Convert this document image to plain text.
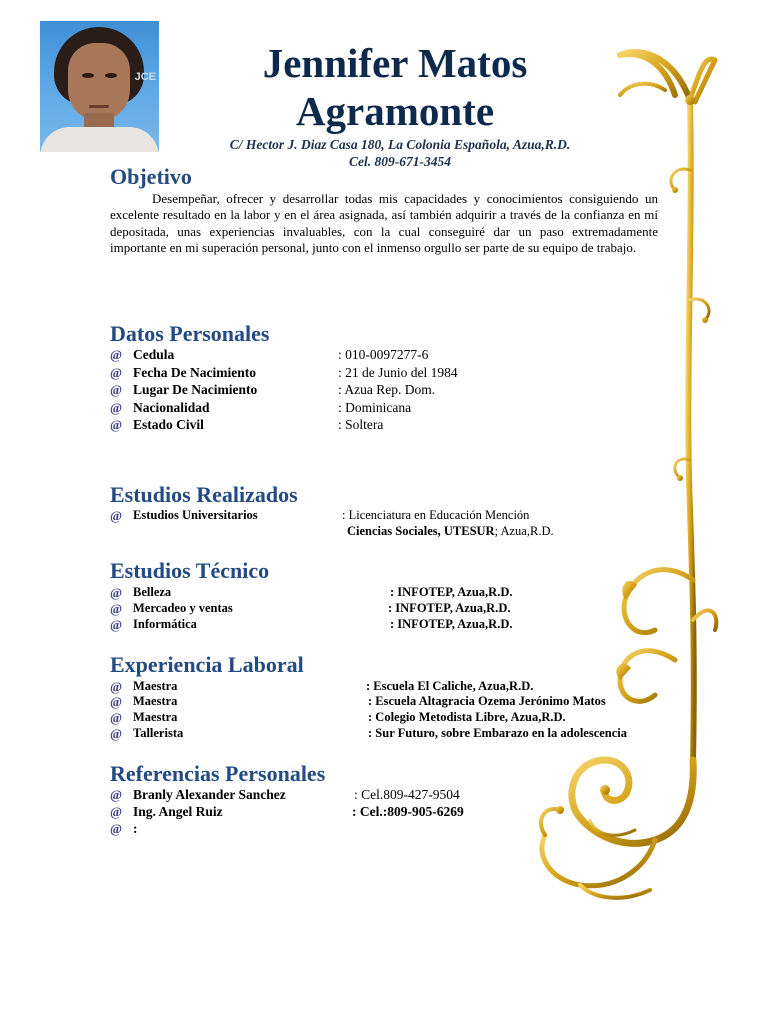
JCE	Jennifer Matos
Agramonte
C/ Hector J. Diaz Casa 180, La Colonia Española, Azua,R.D.
Cel. 809-671-3454
Objetivo

Desempeñar, ofrecer y desarrollar todas mis capacidades y conocimientos consiguiendo un excelente resultado en la labor y en el área asignada, así también adquirir a través de la confianza en mí depositada, unas experiencias invaluables, con la cual conseguiré dar un paso extremadamente importante en mi superación personal, junto con el inmenso orgullo ser parte de su equipo de trabajo.

Datos Personales
@ Cedula	: 010-0097277-6
@ Fecha De Nacimiento	: 21 de Junio del 1984
@ Lugar De Nacimiento	: Azua Rep. Dom.
@ Nacionalidad	: Dominicana
@ Estado Civil	: Soltera
Estudios Realizados
@ Estudios Universitarios	: Licenciatura en Educación Mención
Ciencias Sociales, UTESUR; Azua,R.D.
Estudios Técnico
@ Belleza	: INFOTEP, Azua,R.D.
@ Mercadeo y ventas	: INFOTEP, Azua,R.D.
@ Informática	: INFOTEP, Azua,R.D.
Experiencia Laboral
@ Maestra	: Escuela El Caliche, Azua,R.D.
@ Maestra	: Escuela Altagracia Ozema Jerónimo Matos
@ Maestra	: Colegio Metodista Libre, Azua,R.D.
@ Tallerista	: Sur Futuro, sobre Embarazo en la adolescencia
Referencias Personales
@ Branly Alexander Sanchez	: Cel.809-427-9504
@ Ing. Angel Ruiz	: Cel.:809-905-6269
@ :
